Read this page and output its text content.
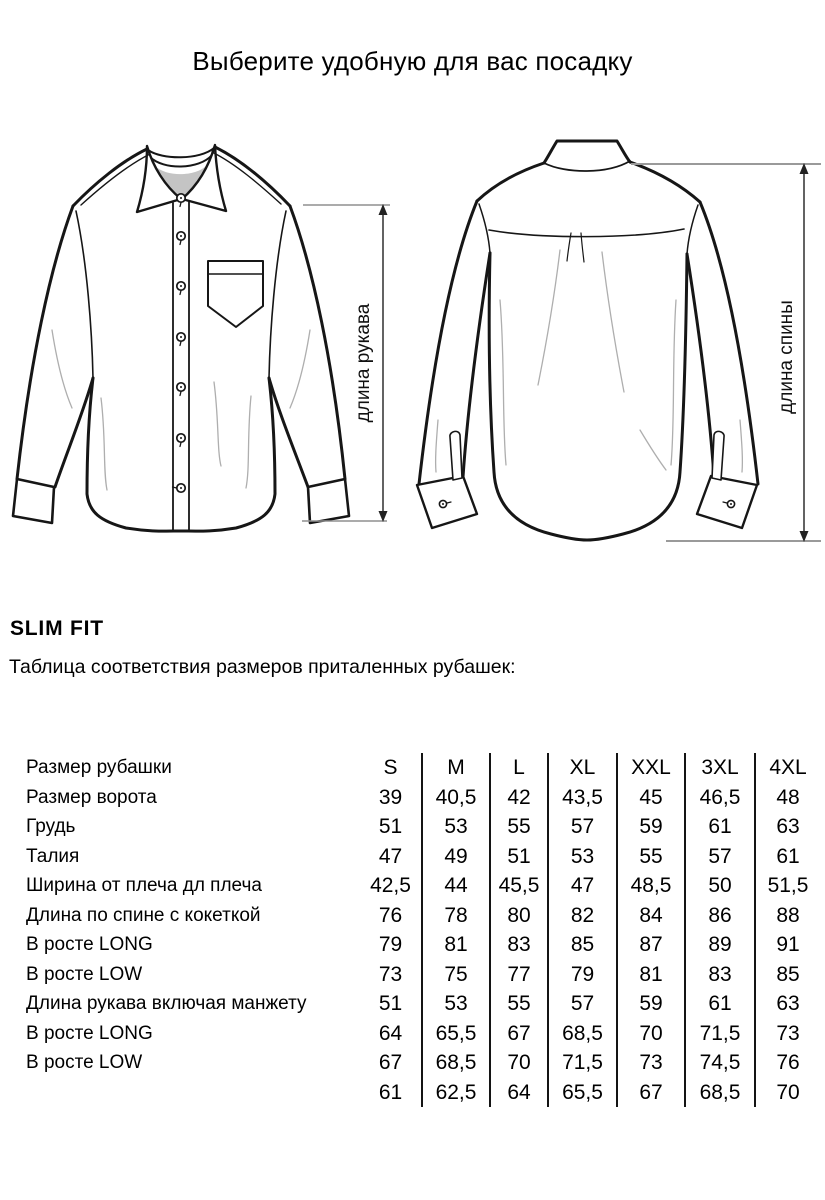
Выберите удобную для вас посадку
длина рукава	длина спины
SLIM FIT
Таблица соответствия размеров приталенных рубашек:
Размер рубашки	S	M	L	XL	XXL	3XL	4XL
Размер ворота	39	40,5	42	43,5	45	46,5	48
Грудь	51	53	55	57	59	61	63
Талия	47	49	51	53	55	57	61
Ширина от плеча дл плеча	42,5	44	45,5	47	48,5	50	51,5
Длина по спине с кокеткой	76	78	80	82	84	86	88
В росте LONG	79	81	83	85	87	89	91
В росте LOW	73	75	77	79	81	83	85
Длина рукава включая манжету	51	53	55	57	59	61	63
В росте LONG	64	65,5	67	68,5	70	71,5	73
В росте LOW	67	68,5	70	71,5	73	74,5	76
	61	62,5	64	65,5	67	68,5	70
